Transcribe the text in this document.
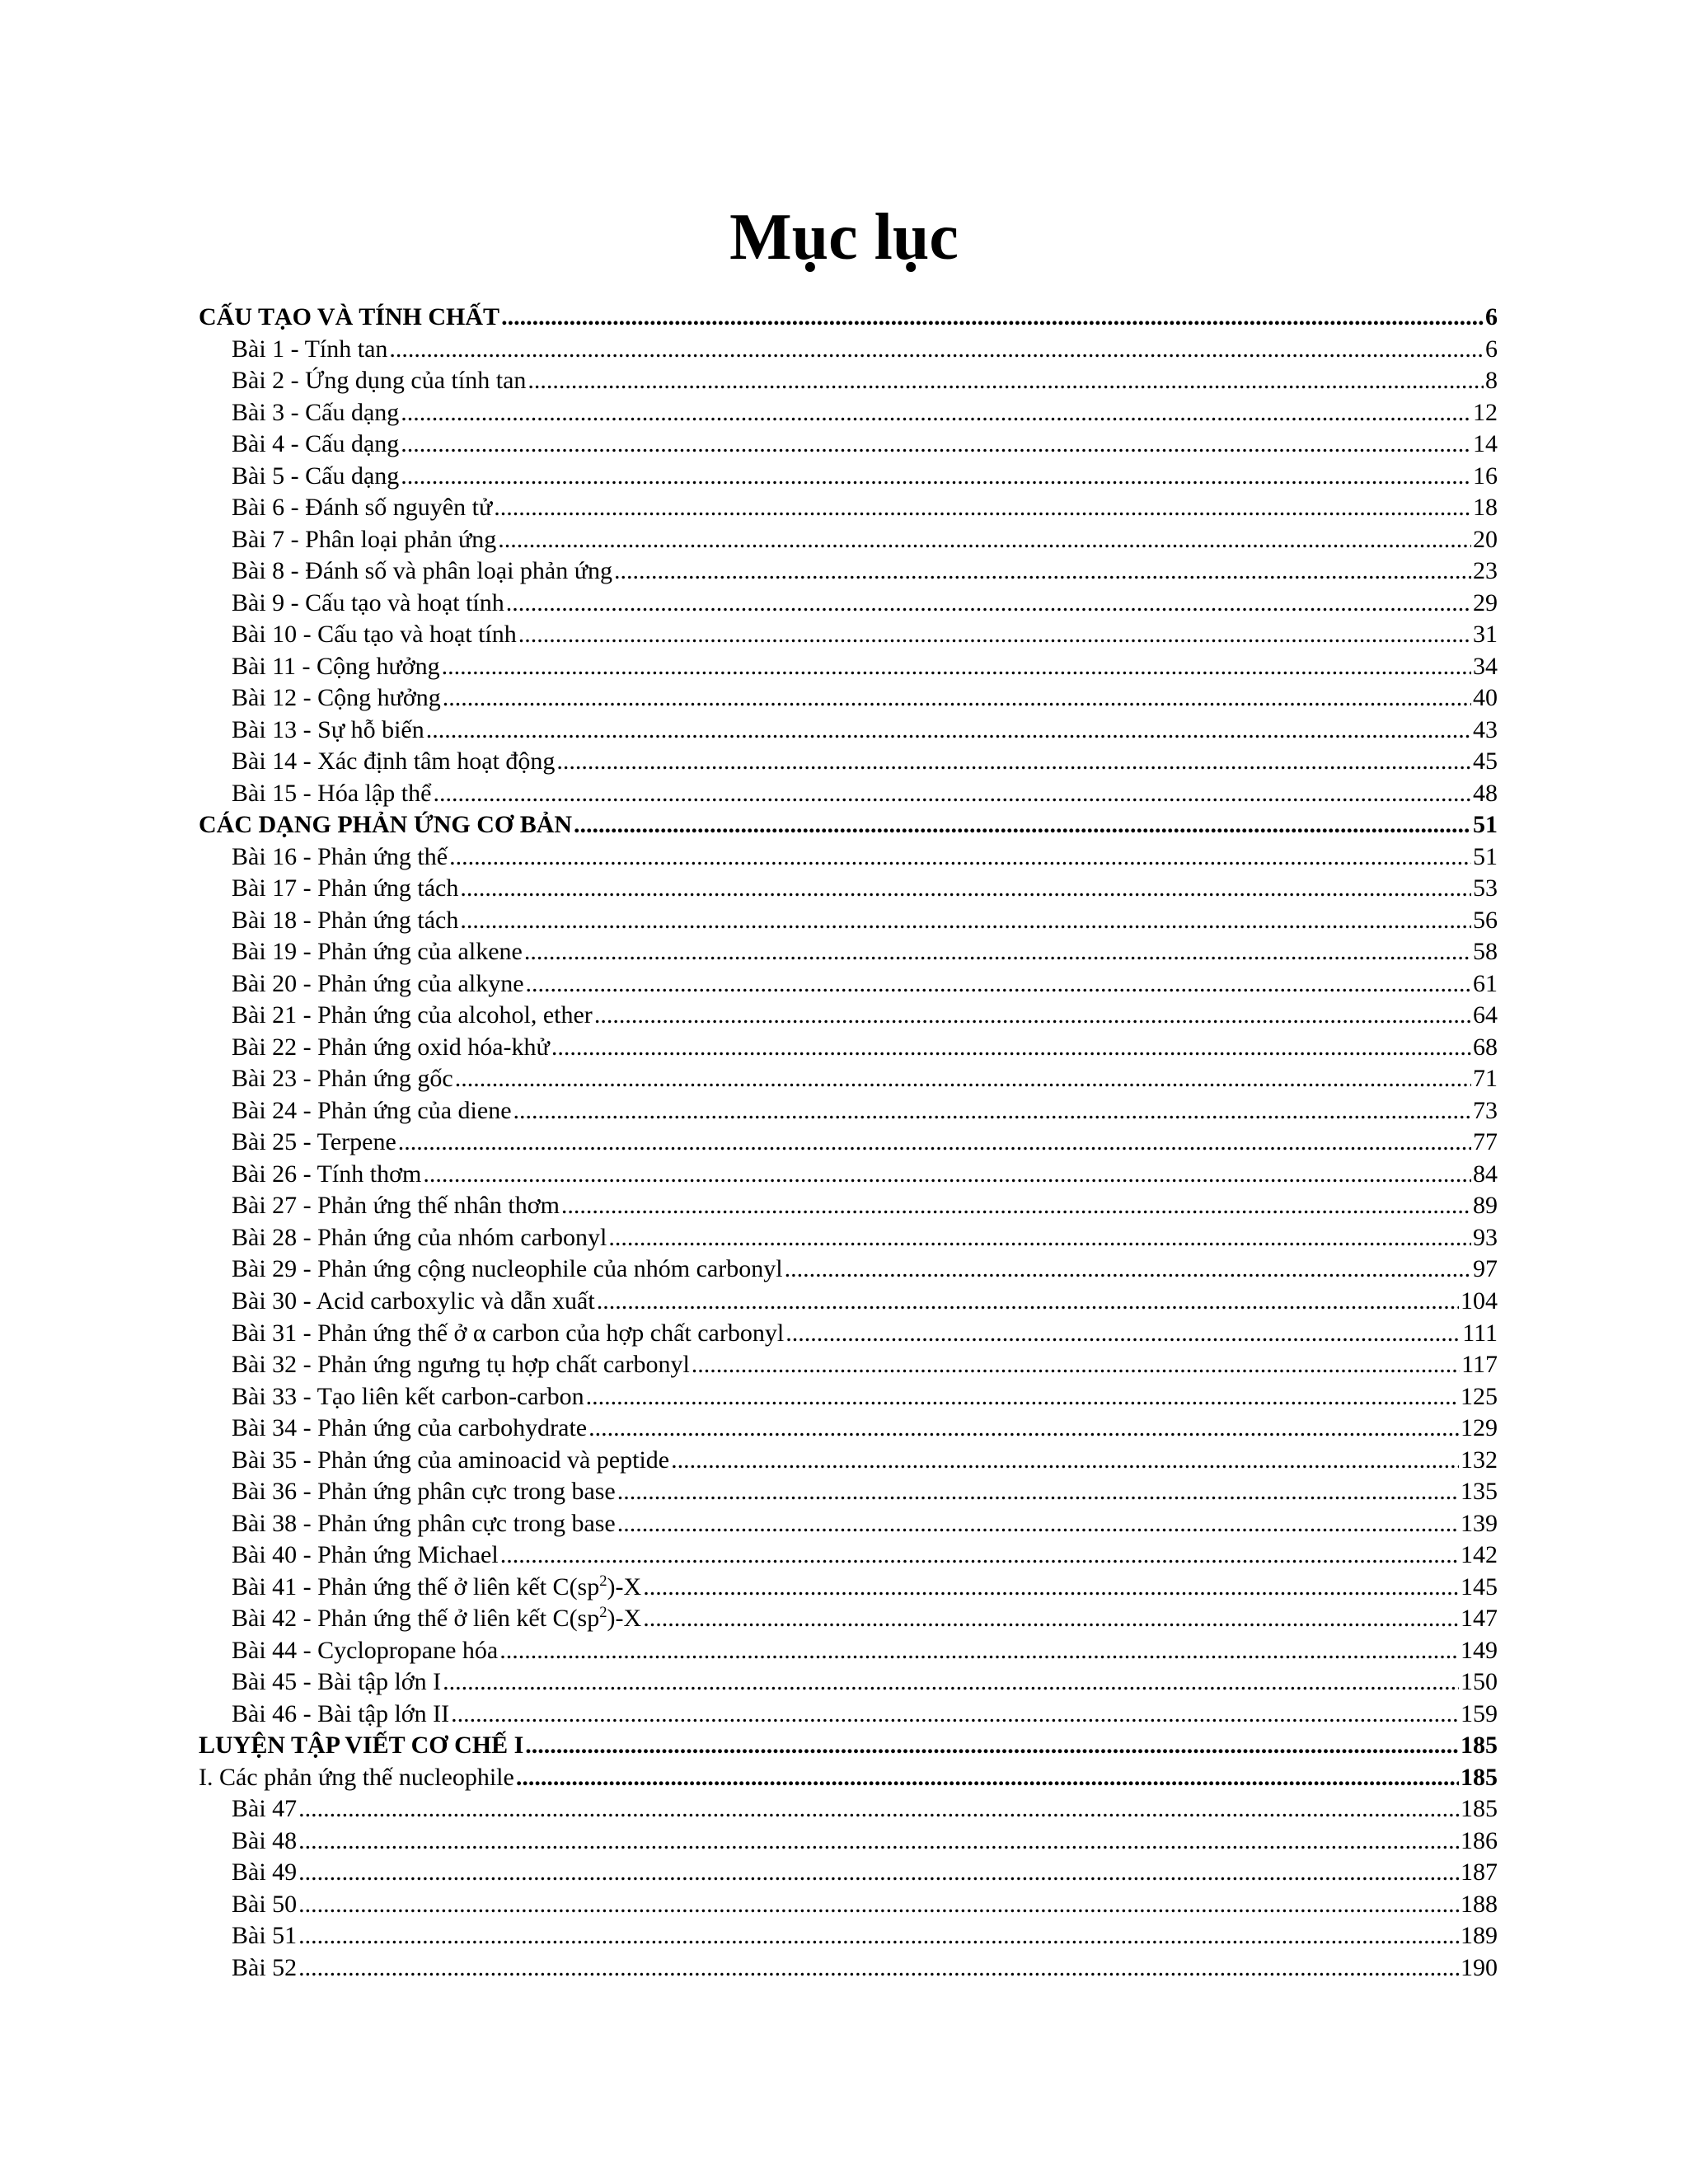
Mục lục
CẤU TẠO VÀ TÍNH CHẤT .....	6
Bài 1 - Tính tan .....	6
Bài 2 - Ứng dụng của tính tan .....	8
Bài 3 - Cấu dạng .....	12
Bài 4 - Cấu dạng .....	14
Bài 5 - Cấu dạng .....	16
Bài 6 - Đánh số nguyên tử .....	18
Bài 7 - Phân loại phản ứng .....	20
Bài 8 - Đánh số và phân loại phản ứng .....	23
Bài 9 - Cấu tạo và hoạt tính .....	29
Bài 10 - Cấu tạo và hoạt tính .....	31
Bài 11 - Cộng hưởng .....	34
Bài 12 - Cộng hưởng .....	40
Bài 13 - Sự hỗ biến .....	43
Bài 14 - Xác định tâm hoạt động .....	45
Bài 15 - Hóa lập thể .....	48
CÁC DẠNG PHẢN ỨNG CƠ BẢN .....	51
Bài 16 - Phản ứng thế .....	51
Bài 17 - Phản ứng tách .....	53
Bài 18 - Phản ứng tách .....	56
Bài 19 - Phản ứng của alkene .....	58
Bài 20 - Phản ứng của alkyne .....	61
Bài 21 - Phản ứng của alcohol, ether .....	64
Bài 22 - Phản ứng oxid hóa-khử .....	68
Bài 23 - Phản ứng gốc .....	71
Bài 24 - Phản ứng của diene .....	73
Bài 25 - Terpene .....	77
Bài 26 - Tính thơm .....	84
Bài 27 - Phản ứng thế nhân thơm .....	89
Bài 28 - Phản ứng của nhóm carbonyl .....	93
Bài 29 - Phản ứng cộng nucleophile của nhóm carbonyl .....	97
Bài 30 - Acid carboxylic và dẫn xuất .....	104
Bài 31 - Phản ứng thế ở α carbon của hợp chất carbonyl .....	111
Bài 32 - Phản ứng ngưng tụ hợp chất carbonyl .....	117
Bài 33 - Tạo liên kết carbon-carbon .....	125
Bài 34 - Phản ứng của carbohydrate .....	129
Bài 35 - Phản ứng của aminoacid và peptide .....	132
Bài 36 - Phản ứng phân cực trong base .....	135
Bài 38 - Phản ứng phân cực trong base .....	139
Bài 40 - Phản ứng Michael .....	142
Bài 41 - Phản ứng thế ở liên kết $C(sp^2)-X$ .....	145
Bài 42 - Phản ứng thế ở liên kết $C(sp^2)-X$ .....	147
Bài 44 - Cyclopropane hóa .....	149
Bài 45 - Bài tập lớn I .....	150
Bài 46 - Bài tập lớn II .....	159
LUYỆN TẬP VIẾT CƠ CHẾ I .....	185
I. Các phản ứng thế nucleophile .....	185
Bài 47 .....	185
Bài 48 .....	186
Bài 49 .....	187
Bài 50 .....	188
Bài 51 .....	189
Bài 52 .....	190
